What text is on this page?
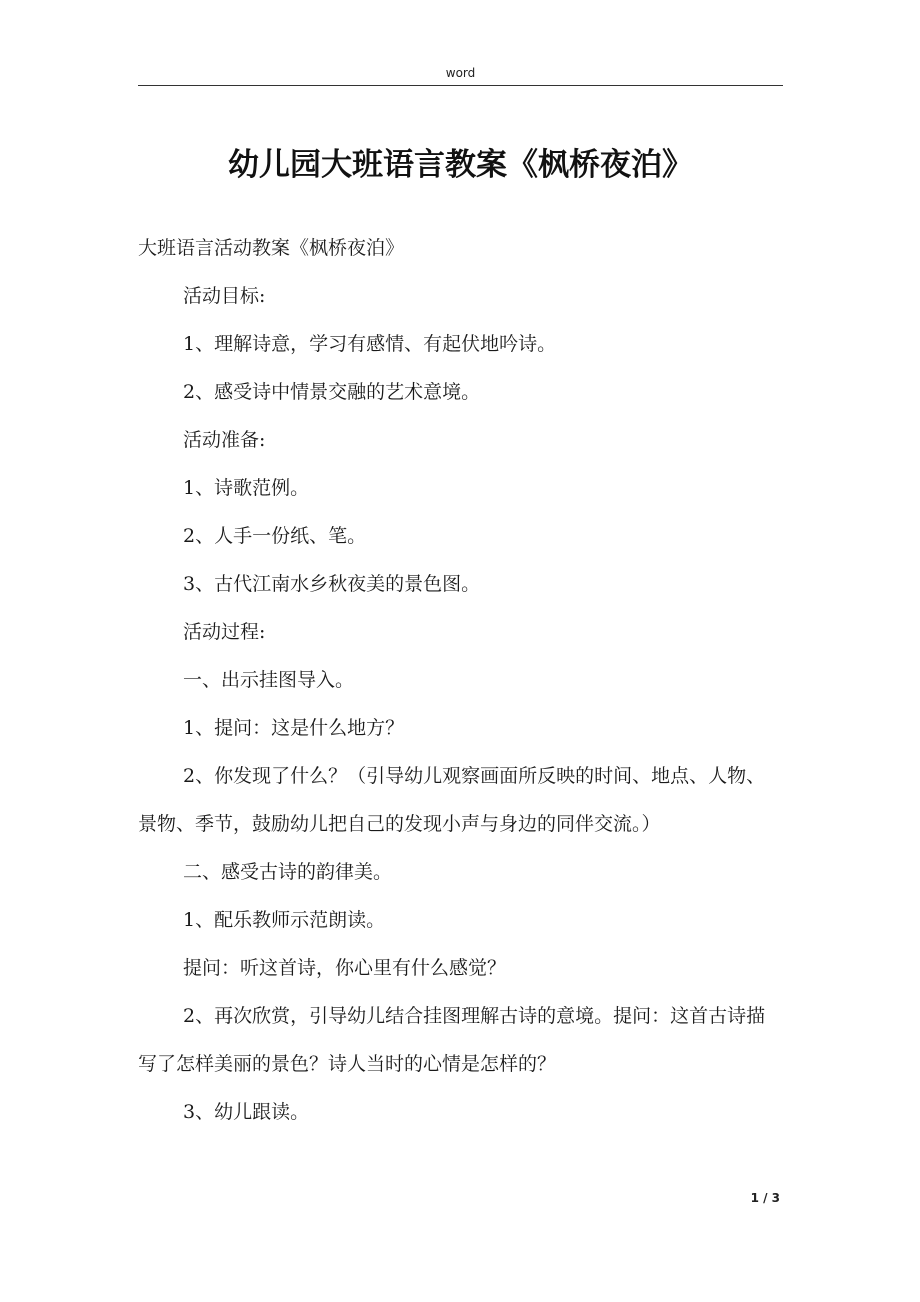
word
幼儿园大班语言教案《枫桥夜泊》

大班语言活动教案《枫桥夜泊》

活动目标:

1、理解诗意，学习有感情、有起伏地吟诗。

2、感受诗中情景交融的艺术意境。

活动准备:

1、诗歌范例。

2、人手一份纸、笔。

3、古代江南水乡秋夜美的景色图。

活动过程:

一、出示挂图导入。

1、提问：这是什么地方？

2、你发现了什么？（引导幼儿观察画面所反映的时间、地点、人物、景物、季节，鼓励幼儿把自己的发现小声与身边的同伴交流。）

二、感受古诗的韵律美。

1、配乐教师示范朗读。

提问：听这首诗，你心里有什么感觉？

2、再次欣赏，引导幼儿结合挂图理解古诗的意境。提问：这首古诗描写了怎样美丽的景色？诗人当时的心情是怎样的？

3、幼儿跟读。

1 / 3
